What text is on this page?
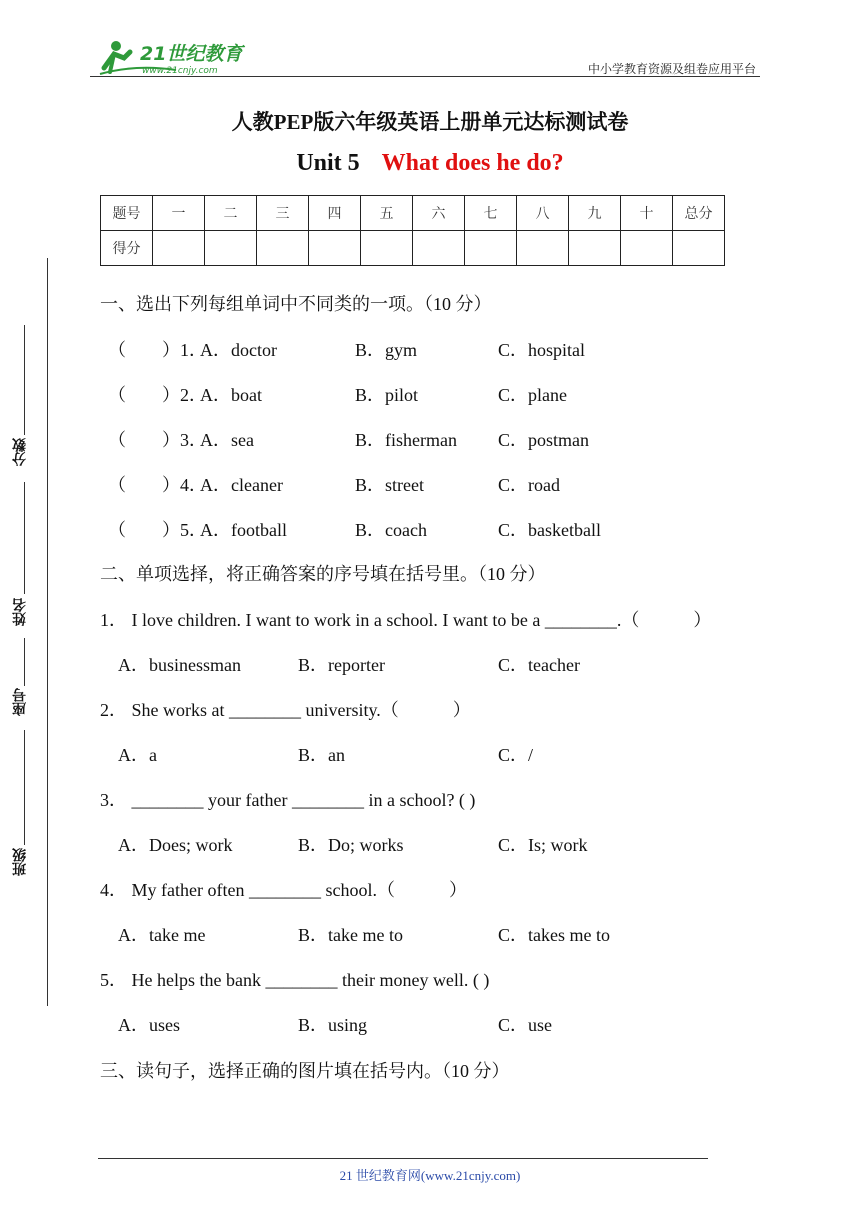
21世纪教育
www.21cnjy.com	中小学教育资源及组卷应用平台
人教PEP版六年级英语上册单元达标测试卷
Unit 5 What does he do?
题号	一	二	三	四	五	六	七	八	九	十	总分
得分											
分数
姓名
座号
班级
一、选出下列每组单词中不同类的一项。（10 分）
（　　）1．
A．doctor	B．gym	C．hospital
（　　）2．
A．boat	B．pilot	C．plane
（　　）3．
A．sea	B．fisherman C．postman
（　　）4．
A．cleaner	B．street	C．road
（　　）5．
A．football	B．coach	C．basketball
二、单项选择，将正确答案的序号填在括号里。（10 分）
1． I love children. I want to work in a school. I want to be a ________.（　　　）
A．businessman	B．reporter	C．teacher
2． She works at ________ university.（　　　）
A．a	B．an	C．/
3． ________ your father ________ in a school? ( )
A．Does; work	B．Do; works	C．Is; work
4． My father often ________ school.（　　　）
A．take me	B．take me to	C．takes me to
5． He helps the bank ________ their money well. ( )
A．uses	B．using	C．use
三、读句子，选择正确的图片填在括号内。（10 分）
21 世纪教育网(www.21cnjy.com)
